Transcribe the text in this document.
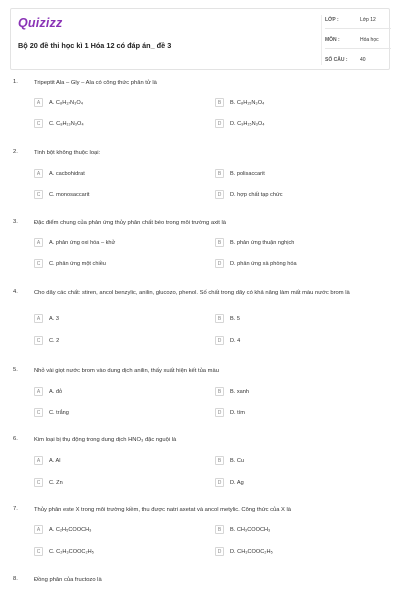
Quizizz
Bộ 20 đề thi học kì 1 Hóa 12 có đáp án_ đề 3
LỚP :	Lớp 12
MÔN :	Hóa học
SỐ CÂU :	40
1.	Tripeptit Ala – Gly – Ala có công thức phân tử là
A	A. C₈H₁₇N₃O₄	B	B. C₈H₁₅N₃O₄
C	C. C₈H₁₃N₃O₄	D	D. C₉H₁₅N₃O₄
2.	Tinh bột không thuộc loại:
A	A. cacbohidrat	B	B. polisaccarit
C	C. monosaccarit	D	D. hợp chất tạp chức
3.	Đặc điểm chung của phản ứng thủy phân chất béo trong môi trường axit là
A	A. phản ứng oxi hóa – khử	B	B. phản ứng thuận nghịch
C	C. phản ứng một chiều	D	D. phản ứng xà phòng hóa
4.	Cho dãy các chất: stiren, ancol benzylic, anilin, glucozo, phenol. Số chất trong dãy có khả năng làm mất màu nước brom là
A	A. 3	B	B. 5
C	C. 2	D	D. 4
5.	Nhỏ vài giọt nước brom vào dung dịch anilin, thấy xuất hiện kết tủa màu
A	A. đỏ	B	B. xanh
C	C. trắng	D	D. tím
6.	Kim loại bị thụ động trong dung dịch HNO₃ đặc nguội là
A	A. Al	B	B. Cu
C	C. Zn	D	D. Ag
7.	Thủy phân este X trong môi trường kiềm, thu được natri axetat và ancol metylic. Công thức của X là
A	A. C₂H₅COOCH₃	B	B. CH₃COOCH₃
C	C. C₂H₃COOC₂H₅	D	D. CH₃COOC₂H₅
8.	Đồng phân của fructozo là
